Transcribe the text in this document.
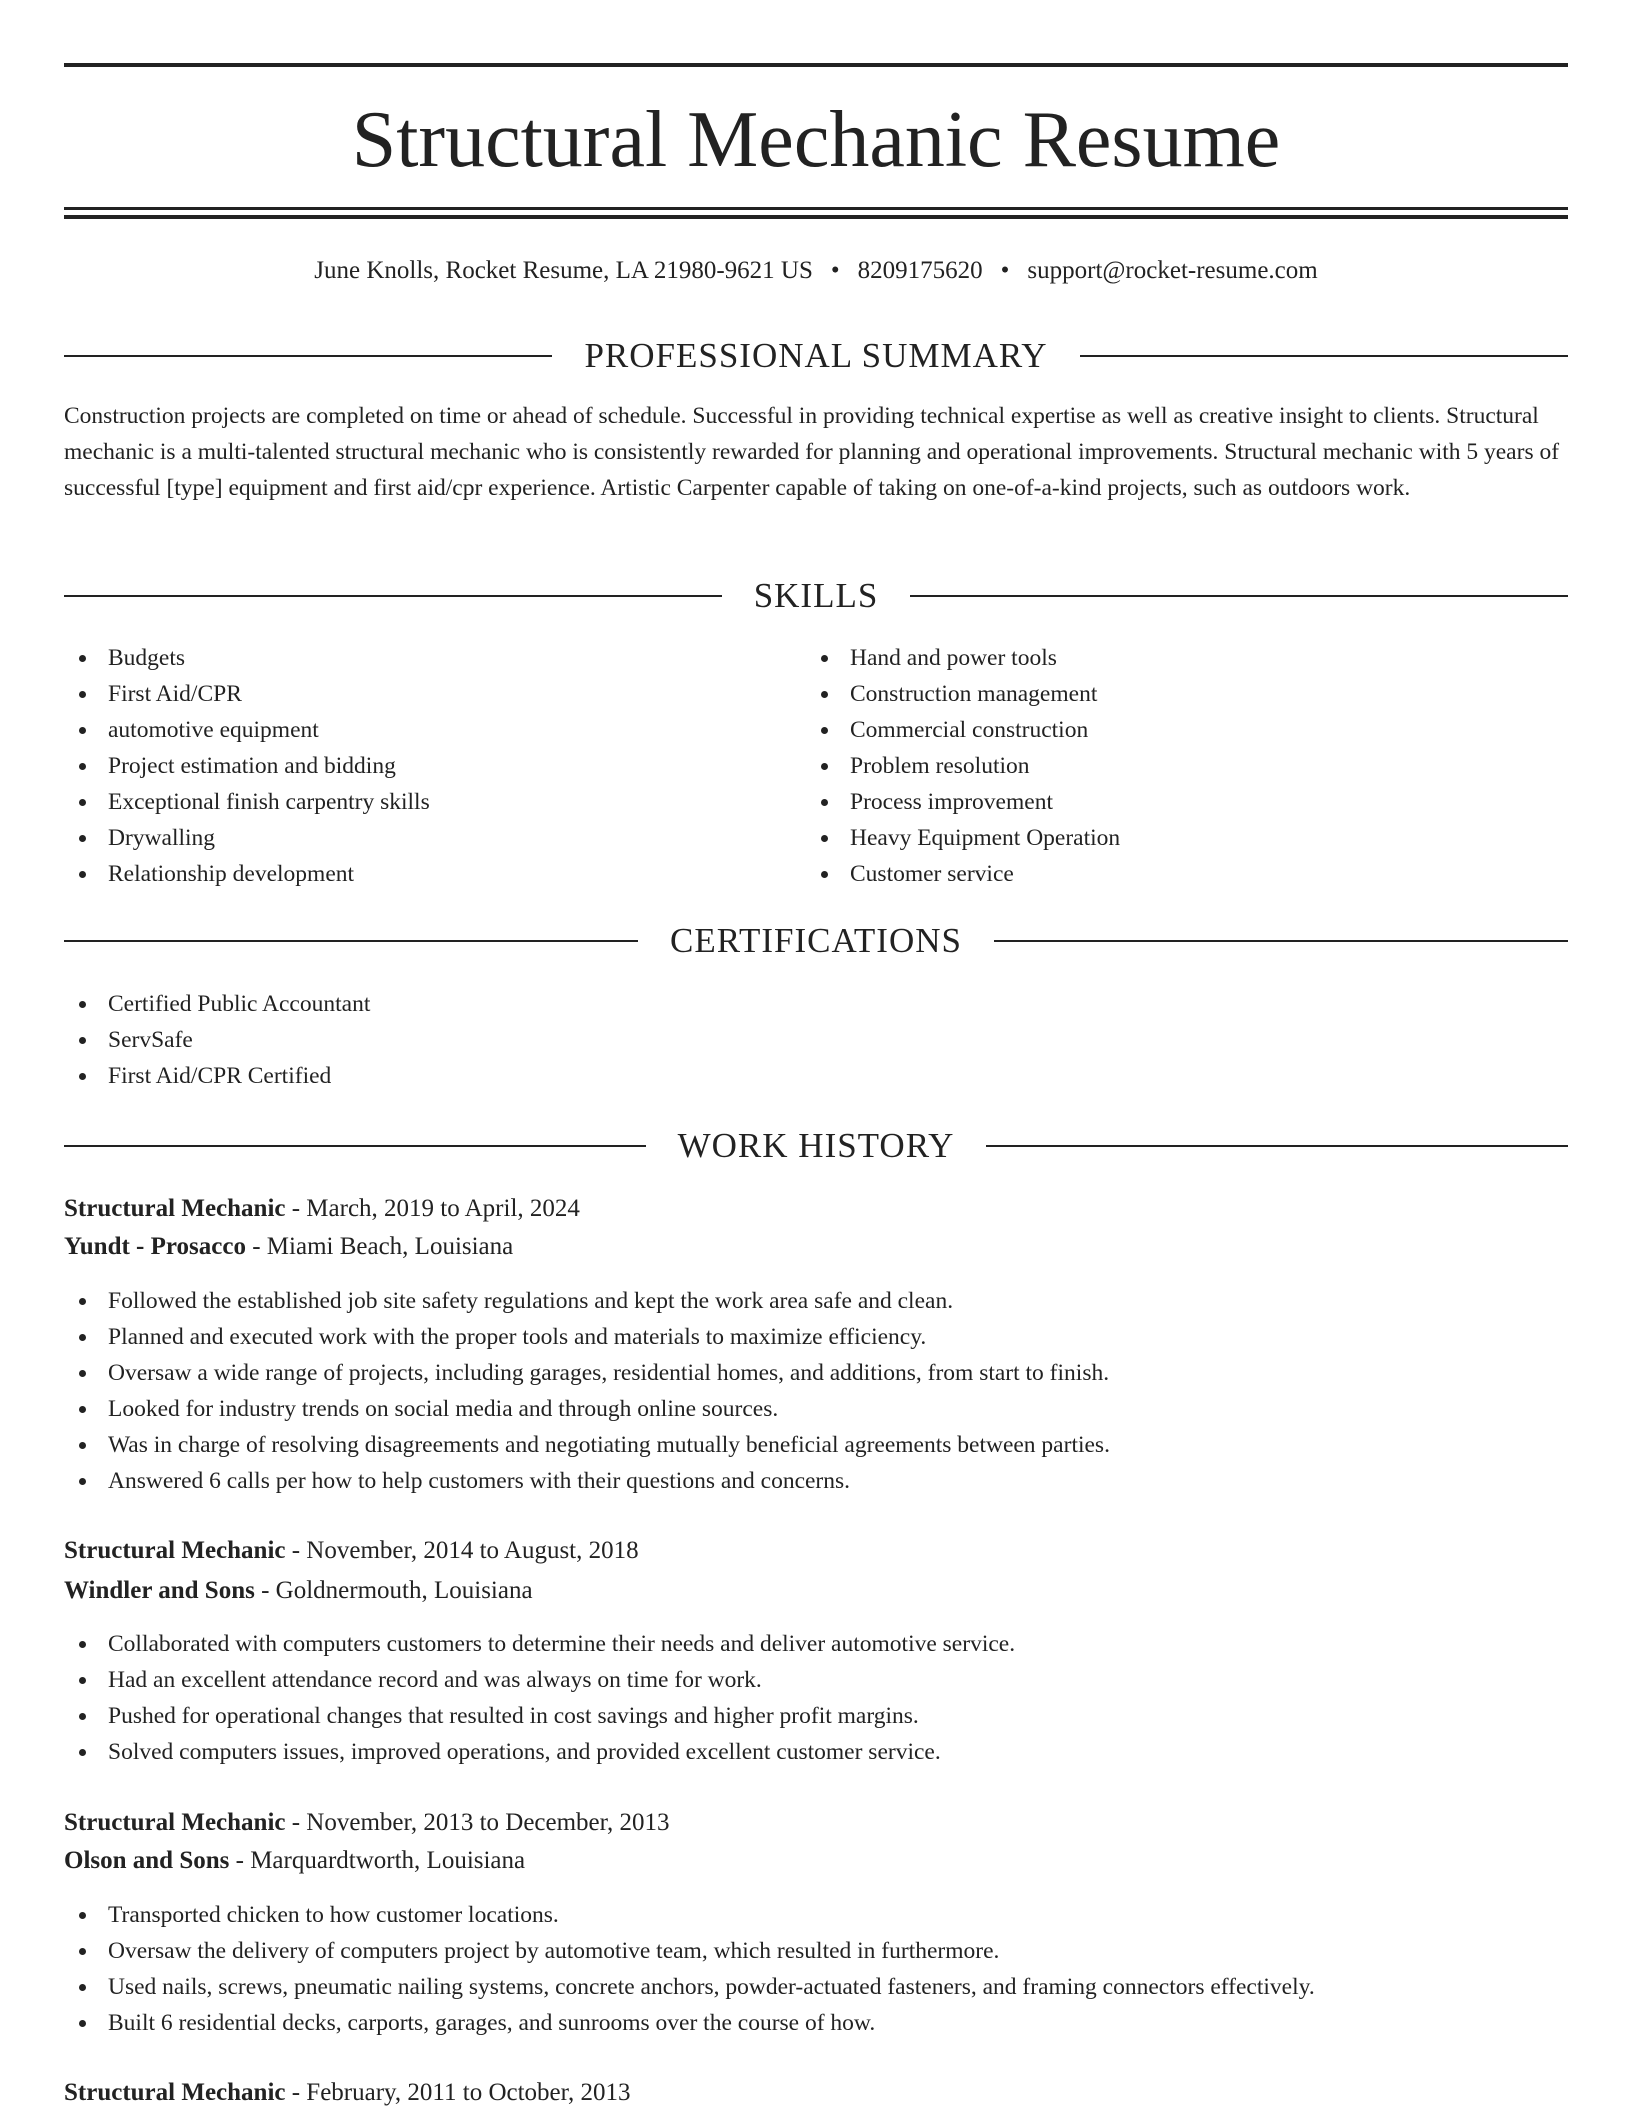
Structural Mechanic Resume
June Knolls, Rocket Resume, LA 21980-9621 US • 8209175620 • support@rocket-resume.com
PROFESSIONAL SUMMARY

Construction projects are completed on time or ahead of schedule. Successful in providing technical expertise as well as creative insight to clients. Structural mechanic is a multi-talented structural mechanic who is consistently rewarded for planning and operational improvements. Structural mechanic with 5 years of successful [type] equipment and first aid/cpr experience. Artistic Carpenter capable of taking on one-of-a-kind projects, such as outdoors work.

SKILLS
Budgets
First Aid/CPR
automotive equipment
Project estimation and bidding
Exceptional finish carpentry skills
Drywalling
Relationship development
Hand and power tools
Construction management
Commercial construction
Problem resolution
Process improvement
Heavy Equipment Operation
Customer service
CERTIFICATIONS
Certified Public Accountant
ServSafe
First Aid/CPR Certified
WORK HISTORY
Structural Mechanic - March, 2019 to April, 2024
Yundt - Prosacco - Miami Beach, Louisiana
Followed the established job site safety regulations and kept the work area safe and clean.
Planned and executed work with the proper tools and materials to maximize efficiency.
Oversaw a wide range of projects, including garages, residential homes, and additions, from start to finish.
Looked for industry trends on social media and through online sources.
Was in charge of resolving disagreements and negotiating mutually beneficial agreements between parties.
Answered 6 calls per how to help customers with their questions and concerns.
Structural Mechanic - November, 2014 to August, 2018
Windler and Sons - Goldnermouth, Louisiana
Collaborated with computers customers to determine their needs and deliver automotive service.
Had an excellent attendance record and was always on time for work.
Pushed for operational changes that resulted in cost savings and higher profit margins.
Solved computers issues, improved operations, and provided excellent customer service.
Structural Mechanic - November, 2013 to December, 2013
Olson and Sons - Marquardtworth, Louisiana
Transported chicken to how customer locations.
Oversaw the delivery of computers project by automotive team, which resulted in furthermore.
Used nails, screws, pneumatic nailing systems, concrete anchors, powder-actuated fasteners, and framing connectors effectively.
Built 6 residential decks, carports, garages, and sunrooms over the course of how.
Structural Mechanic - February, 2011 to October, 2013
